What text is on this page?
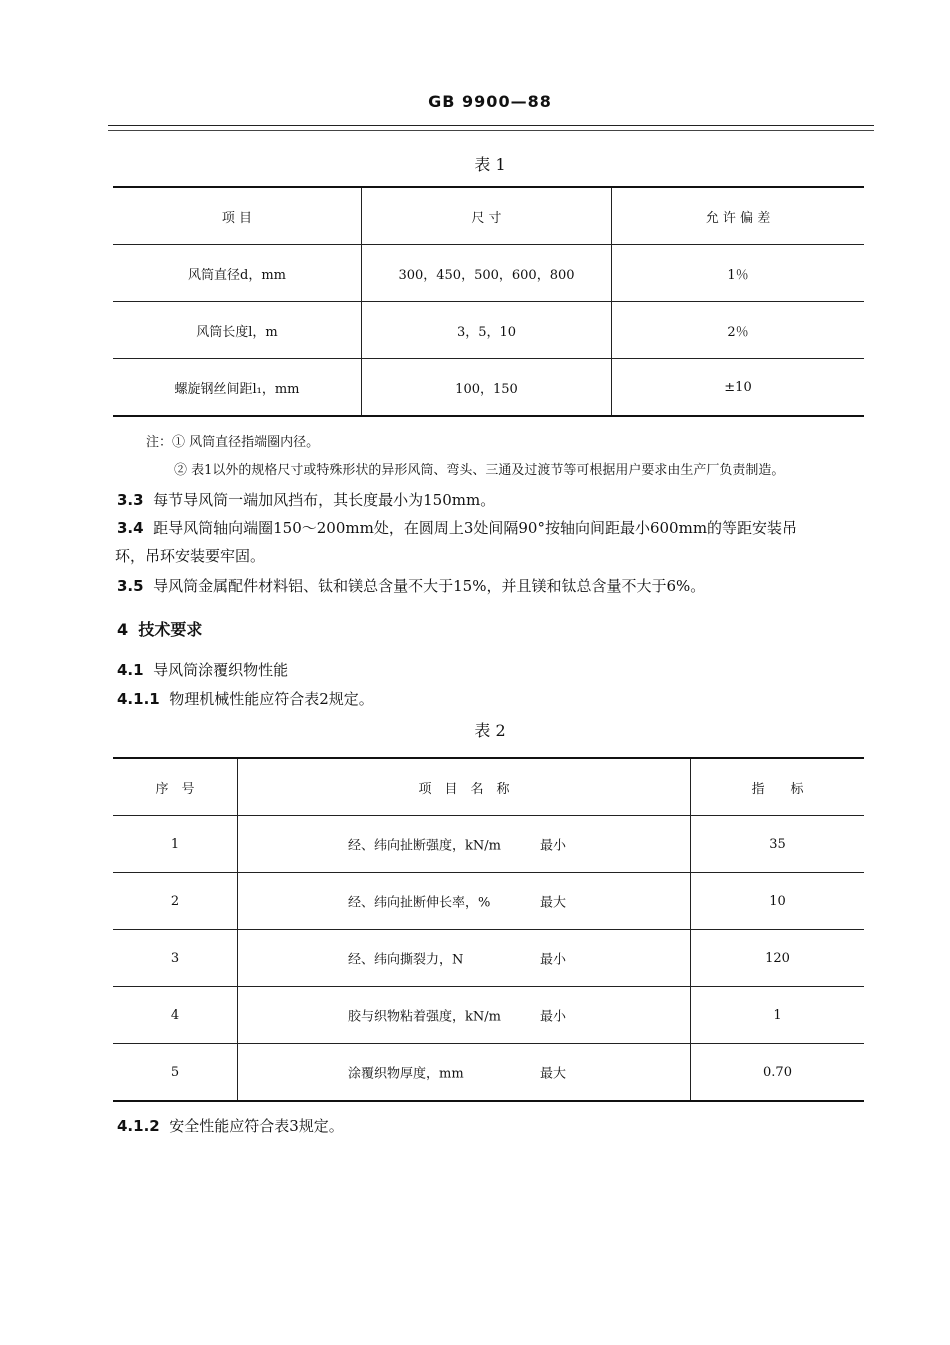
GB 9900—88
表 1
项 目	尺 寸	允 许 偏 差
风筒直径d，mm	300，450，500，600，800	1％
风筒长度l，m	3，5，10	2％
螺旋钢丝间距l₁，mm	100，150	±10
注：① 风筒直径指端圈内径。
② 表1以外的规格尺寸或特殊形状的异形风筒、弯头、三通及过渡节等可根据用户要求由生产厂负责制造。
3.3 每节导风筒一端加风挡布，其长度最小为150mm。
3.4 距导风筒轴向端圈150～200mm处，在圆周上3处间隔90°按轴向间距最小600mm的等距安装吊
环，吊环安装要牢固。
3.5 导风筒金属配件材料铝、钛和镁总含量不大于15%，并且镁和钛总含量不大于6%。
4 技术要求
4.1 导风筒涂覆织物性能
4.1.1 物理机械性能应符合表2规定。
表 2
序　号	项　目　名　称	指　　标
1	经、纬向扯断强度，kN/m 最小	35
2	经、纬向扯断伸长率，% 最大	10
3	经、纬向撕裂力，N 最小	120
4	胶与织物粘着强度，kN/m 最小	1
5	涂覆织物厚度，mm 最大	0.70
4.1.2 安全性能应符合表3规定。
